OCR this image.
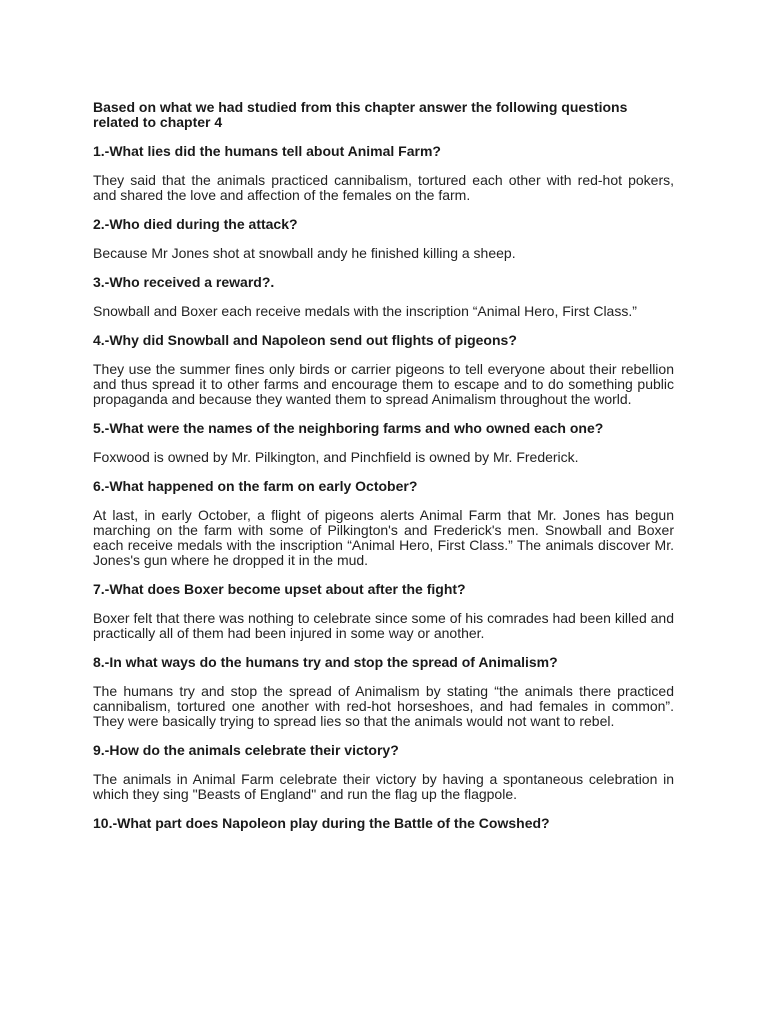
Based on what we had studied from this chapter answer the following questions related to chapter 4

1.-What lies did the humans tell about Animal Farm?

They said that the animals practiced cannibalism, tortured each other with red-hot pokers, and shared the love and affection of the females on the farm.

2.-Who died during the attack?

Because Mr Jones shot at snowball andy he finished killing a sheep.

3.-Who received a reward?.

Snowball and Boxer each receive medals with the inscription “Animal Hero, First Class.”

4.-Why did Snowball and Napoleon send out flights of pigeons?

They use the summer fines only birds or carrier pigeons to tell everyone about their rebellion and thus spread it to other farms and encourage them to escape and to do something public propaganda and because they wanted them to spread Animalism throughout the world.

5.-What were the names of the neighboring farms and who owned each one?

Foxwood is owned by Mr. Pilkington, and Pinchfield is owned by Mr. Frederick.

6.-What happened on the farm on early October?

At last, in early October, a flight of pigeons alerts Animal Farm that Mr. Jones has begun marching on the farm with some of Pilkington's and Frederick's men. Snowball and Boxer each receive medals with the inscription “Animal Hero, First Class.” The animals discover Mr. Jones's gun where he dropped it in the mud.

7.-What does Boxer become upset about after the fight?

Boxer felt that there was nothing to celebrate since some of his comrades had been killed and practically all of them had been injured in some way or another.

8.-In what ways do the humans try and stop the spread of Animalism?

The humans try and stop the spread of Animalism by stating “the animals there practiced cannibalism, tortured one another with red-hot horseshoes, and had females in common”. They were basically trying to spread lies so that the animals would not want to rebel.

9.-How do the animals celebrate their victory?

The animals in Animal Farm celebrate their victory by having a spontaneous celebration in which they sing "Beasts of England" and run the flag up the flagpole.

10.-What part does Napoleon play during the Battle of the Cowshed?
